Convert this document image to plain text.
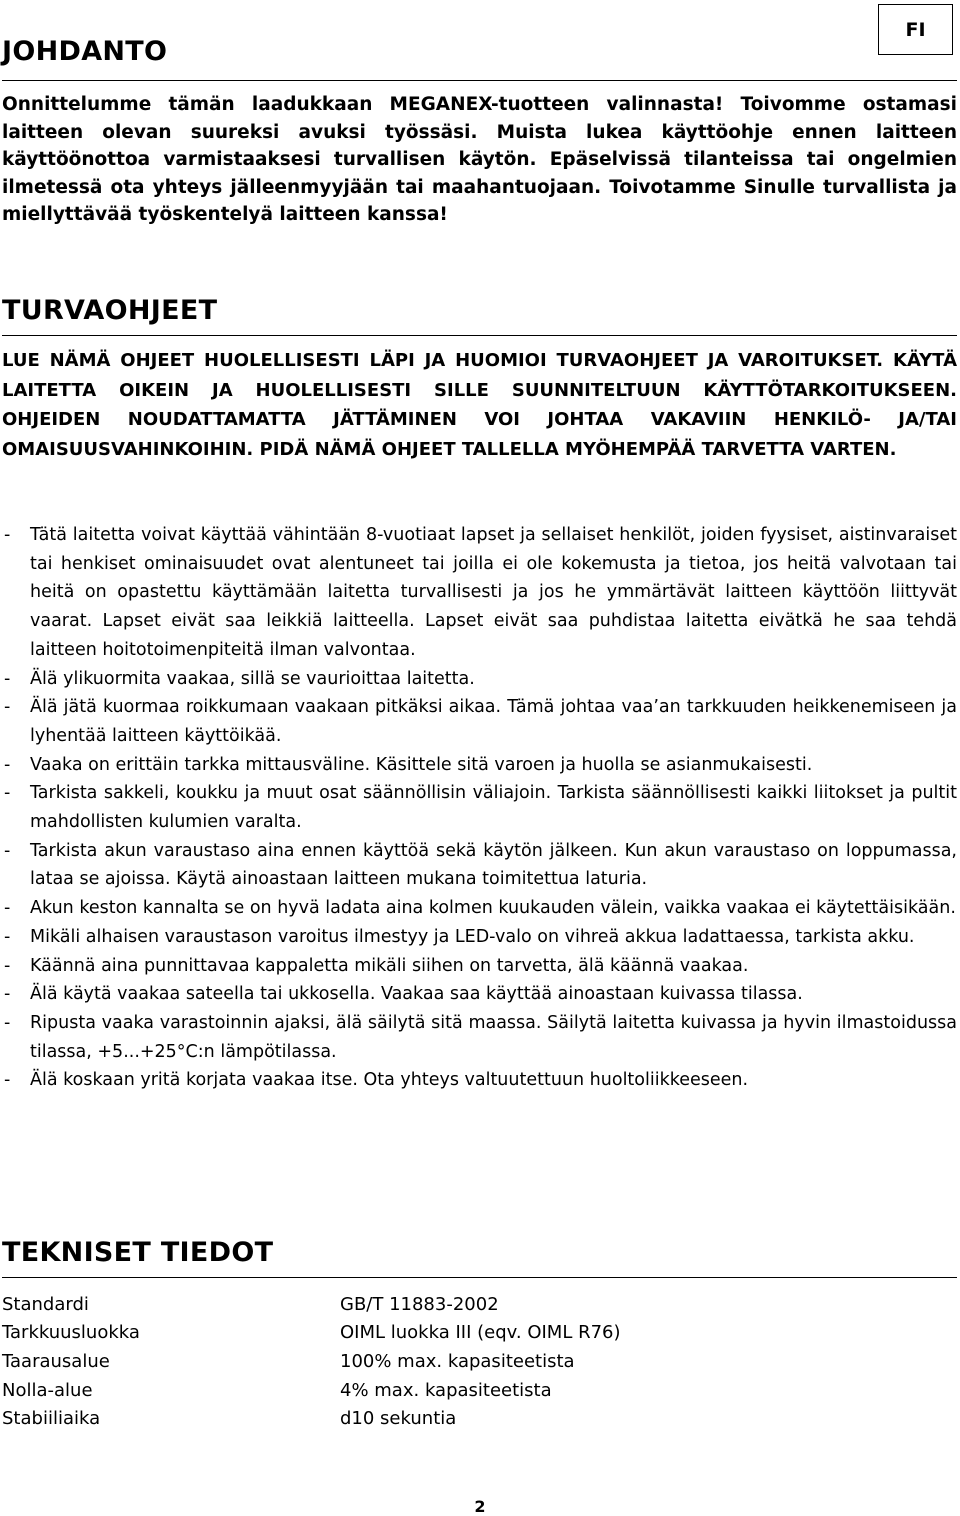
FI
JOHDANTO

Onnittelumme tämän laadukkaan MEGANEX-tuotteen valinnasta! Toivomme ostamasi laitteen olevan suureksi avuksi työssäsi. Muista lukea käyttöohje ennen laitteen käyttöönottoa varmistaaksesi turvallisen käytön. Epäselvissä tilanteissa tai ongelmien ilmetessä ota yhteys jälleenmyyjään tai maahantuojaan. Toivotamme Sinulle turvallista ja miellyttävää työskentelyä laitteen kanssa!

TURVAOHJEET

LUE NÄMÄ OHJEET HUOLELLISESTI LÄPI JA HUOMIOI TURVAOHJEET JA VAROITUKSET. KÄYTÄ LAITETTA OIKEIN JA HUOLELLISESTI SILLE SUUNNITELTUUN KÄYTTÖTARKOITUKSEEN. OHJEIDEN NOUDATTAMATTA JÄTTÄMINEN VOI JOHTAA VAKAVIIN HENKILÖ- JA/TAI OMAISUUSVAHINKOIHIN. PIDÄ NÄMÄ OHJEET TALLELLA MYÖHEMPÄÄ TARVETTA VARTEN.

- Tätä laitetta voivat käyttää vähintään 8-vuotiaat lapset ja sellaiset henkilöt, joiden fyysiset, aistinvaraiset tai henkiset ominaisuudet ovat alentuneet tai joilla ei ole kokemusta ja tietoa, jos heitä valvotaan tai heitä on opastettu käyttämään laitetta turvallisesti ja jos he ymmärtävät laitteen käyttöön liittyvät vaarat. Lapset eivät saa leikkiä laitteella. Lapset eivät saa puhdistaa laitetta eivätkä he saa tehdä laitteen hoitotoimenpiteitä ilman valvontaa.
- Älä ylikuormita vaakaa, sillä se vaurioittaa laitetta.
- Älä jätä kuormaa roikkumaan vaakaan pitkäksi aikaa. Tämä johtaa vaa’an tarkkuuden heikkenemiseen ja lyhentää laitteen käyttöikää.
- Vaaka on erittäin tarkka mittausväline. Käsittele sitä varoen ja huolla se asianmukaisesti.
- Tarkista sakkeli, koukku ja muut osat säännöllisin väliajoin. Tarkista säännöllisesti kaikki liitokset ja pultit mahdollisten kulumien varalta.
- Tarkista akun varaustaso aina ennen käyttöä sekä käytön jälkeen. Kun akun varaustaso on loppumassa, lataa se ajoissa. Käytä ainoastaan laitteen mukana toimitettua laturia.
- Akun keston kannalta se on hyvä ladata aina kolmen kuukauden välein, vaikka vaakaa ei käytettäisikään.
- Mikäli alhaisen varaustason varoitus ilmestyy ja LED-valo on vihreä akkua ladattaessa, tarkista akku.
- Käännä aina punnittavaa kappaletta mikäli siihen on tarvetta, älä käännä vaakaa.
- Älä käytä vaakaa sateella tai ukkosella. Vaakaa saa käyttää ainoastaan kuivassa tilassa.
- Ripusta vaaka varastoinnin ajaksi, älä säilytä sitä maassa. Säilytä laitetta kuivassa ja hyvin ilmastoidussa tilassa, +5...+25°C:n lämpötilassa.
- Älä koskaan yritä korjata vaakaa itse. Ota yhteys valtuutettuun huoltoliikkeeseen.
TEKNISET TIEDOT
Standardi	GB/T 11883-2002
Tarkkuusluokka	OIML luokka III (eqv. OIML R76)
Taarausalue	100% max. kapasiteetista
Nolla-alue	4% max. kapasiteetista
Stabiiliaika	d10 sekuntia
2
